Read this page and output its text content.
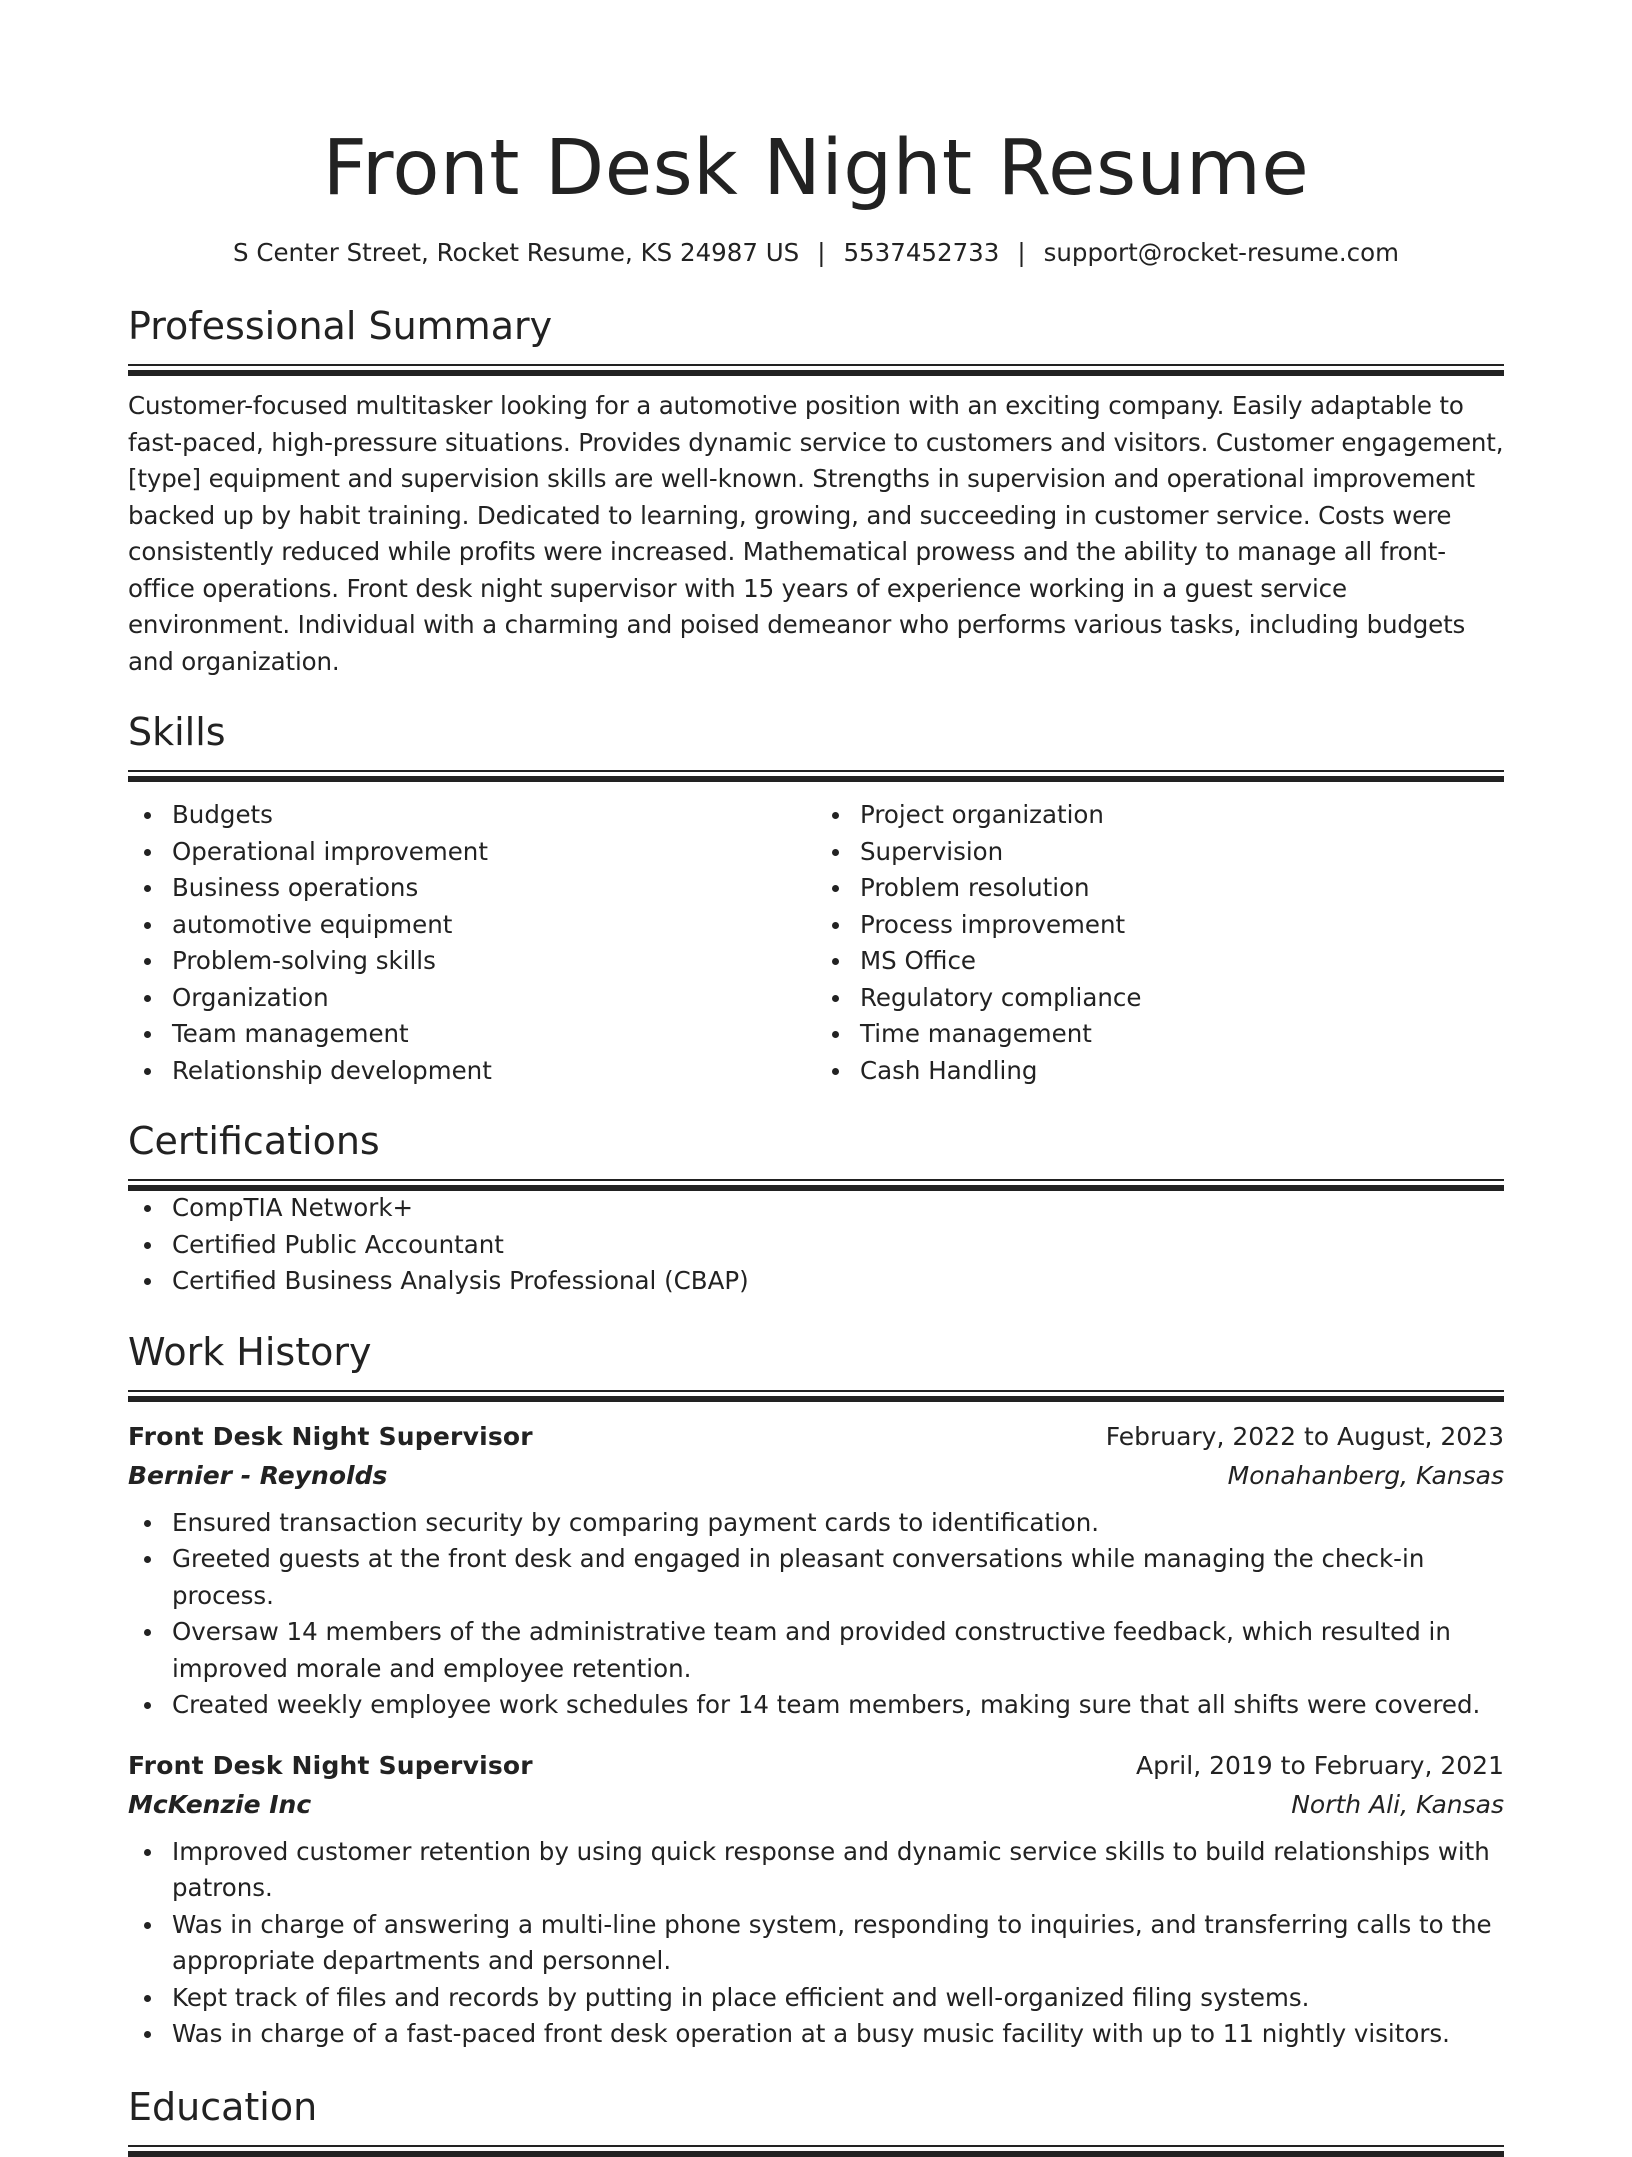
Front Desk Night Resume
S Center Street, Rocket Resume, KS 24987 US | 5537452733 | support@rocket-resume.com
Professional Summary

Customer-focused multitasker looking for a automotive position with an exciting company. Easily adaptable to fast-paced, high-pressure situations. Provides dynamic service to customers and visitors. Customer engagement, [type] equipment and supervision skills are well-known. Strengths in supervision and operational improvement backed up by habit training. Dedicated to learning, growing, and succeeding in customer service. Costs were consistently reduced while profits were increased. Mathematical prowess and the ability to manage all front-office operations. Front desk night supervisor with 15 years of experience working in a guest service environment. Individual with a charming and poised demeanor who performs various tasks, including budgets and organization.

Skills
Budgets
Operational improvement
Business operations
automotive equipment
Problem-solving skills
Organization
Team management
Relationship development
Project organization
Supervision
Problem resolution
Process improvement
MS Office
Regulatory compliance
Time management
Cash Handling
Certifications
CompTIA Network+
Certified Public Accountant
Certified Business Analysis Professional (CBAP)
Work History
Front Desk Night Supervisor	February, 2022 to August, 2023
Bernier - Reynolds	Monahanberg, Kansas
Ensured transaction security by comparing payment cards to identification.
Greeted guests at the front desk and engaged in pleasant conversations while managing the check-in process.
Oversaw 14 members of the administrative team and provided constructive feedback, which resulted in improved morale and employee retention.
Created weekly employee work schedules for 14 team members, making sure that all shifts were covered.
Front Desk Night Supervisor	April, 2019 to February, 2021
McKenzie Inc	North Ali, Kansas
Improved customer retention by using quick response and dynamic service skills to build relationships with patrons.
Was in charge of answering a multi-line phone system, responding to inquiries, and transferring calls to the appropriate departments and personnel.
Kept track of files and records by putting in place efficient and well-organized filing systems.
Was in charge of a fast-paced front desk operation at a busy music facility with up to 11 nightly visitors.
Education
